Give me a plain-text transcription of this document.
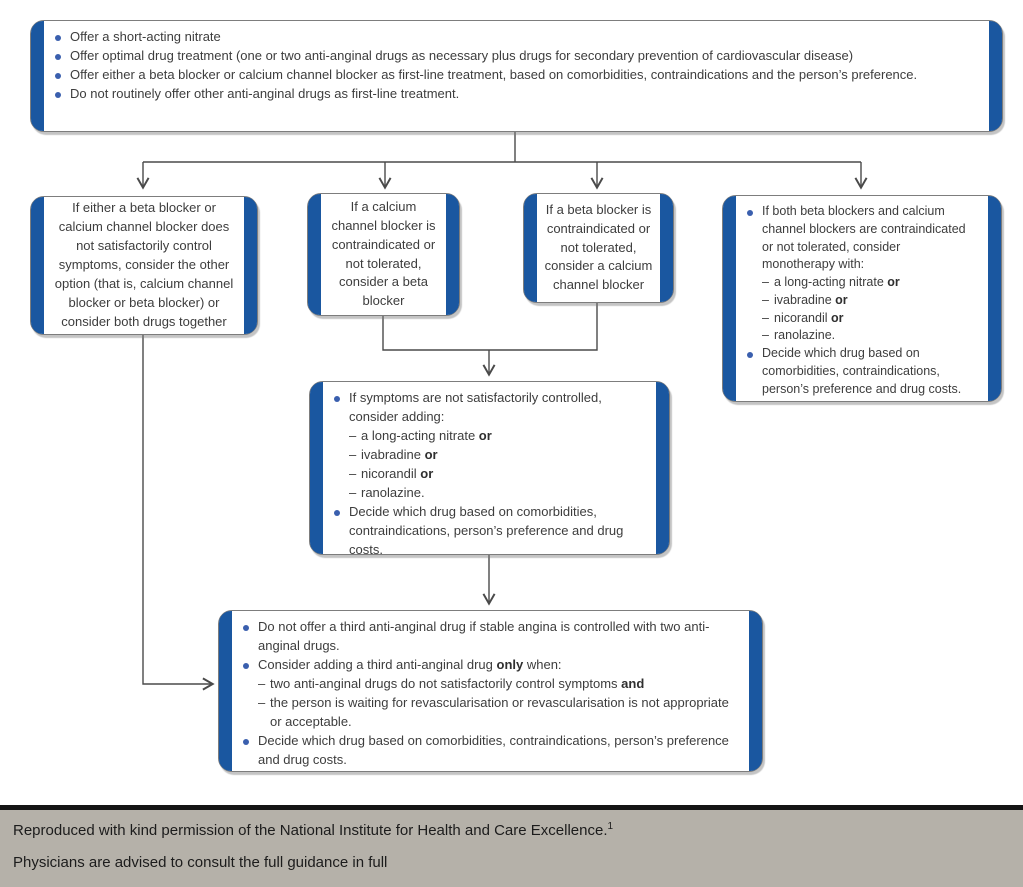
Offer a short-acting nitrate
Offer optimal drug treatment (one or two anti-anginal drugs as necessary plus drugs for secondary prevention of cardiovascular disease)
Offer either a beta blocker or calcium channel blocker as first-line treatment, based on comorbidities, contraindications and the person’s preference.
Do not routinely offer other anti-anginal drugs as first-line treatment.
If either a beta blocker or calcium channel blocker does not satisfactorily control symptoms, consider the other option (that is, calcium channel blocker or beta blocker) or consider both drugs together
If a calcium channel blocker is contraindicated or not tolerated, consider a beta blocker
If a beta blocker is contraindicated or not tolerated, consider a calcium channel blocker
If both beta blockers and calcium channel blockers are contraindicated or not tolerated, consider monotherapy with:
– a long-acting nitrate or
– ivabradine or
– nicorandil or
– ranolazine.
Decide which drug based on comorbidities, contraindications, person’s preference and drug costs.
If symptoms are not satisfactorily controlled, consider adding:
– a long-acting nitrate or
– ivabradine or
– nicorandil or
– ranolazine.
Decide which drug based on comorbidities, contraindications, person’s preference and drug costs.
Do not offer a third anti-anginal drug if stable angina is controlled with two anti-anginal drugs.
Consider adding a third anti-anginal drug only when:
– two anti-anginal drugs do not satisfactorily control symptoms and
– the person is waiting for revascularisation or revascularisation is not appropriate or acceptable.
Decide which drug based on comorbidities, contraindications, person’s preference and drug costs.
Reproduced with kind permission of the National Institute for Health and Care Excellence.$^1$
Physicians are advised to consult the full guidance in full
